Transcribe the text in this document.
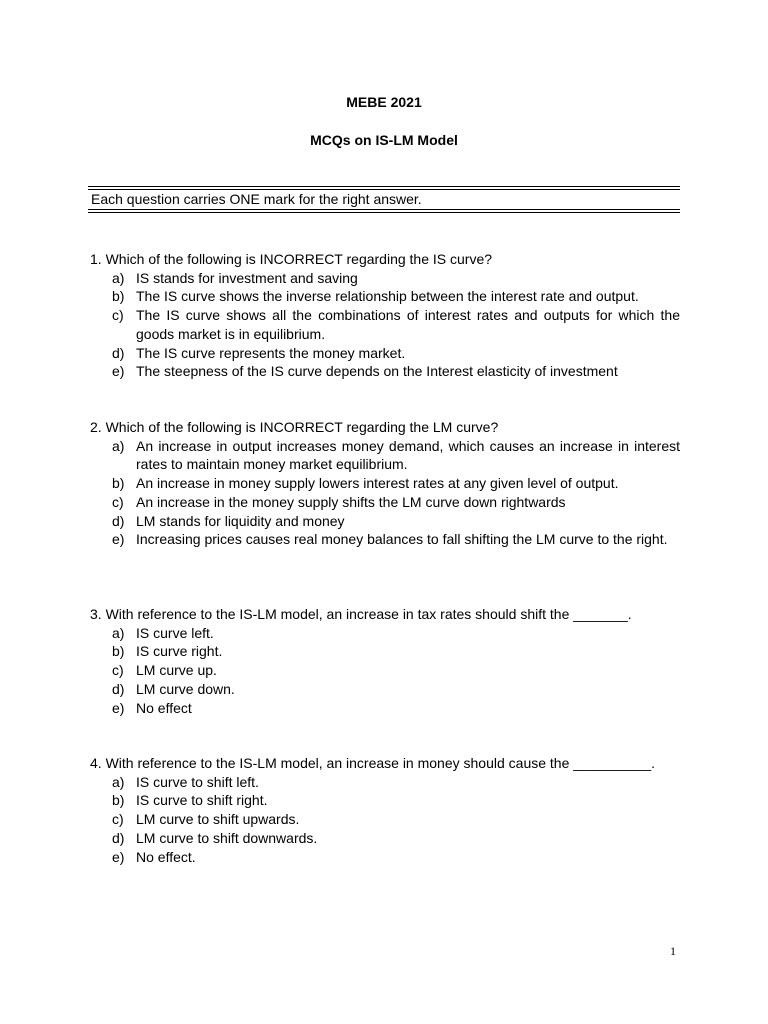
MEBE 2021
MCQs on IS-LM Model
Each question carries ONE mark for the right answer.

1. Which of the following is INCORRECT regarding the IS curve?

a) IS stands for investment and saving
b) The IS curve shows the inverse relationship between the interest rate and output.
c) The IS curve shows all the combinations of interest rates and outputs for which the goods market is in equilibrium.
d) The IS curve represents the money market.
e) The steepness of the IS curve depends on the Interest elasticity of investment

2. Which of the following is INCORRECT regarding the LM curve?

a) An increase in output increases money demand, which causes an increase in interest rates to maintain money market equilibrium.
b) An increase in money supply lowers interest rates at any given level of output.
c) An increase in the money supply shifts the LM curve down rightwards
d) LM stands for liquidity and money
e) Increasing prices causes real money balances to fall shifting the LM curve to the right.

3. With reference to the IS-LM model, an increase in tax rates should shift the _______.

a) IS curve left.
b) IS curve right.
c) LM curve up.
d) LM curve down.
e) No effect

4. With reference to the IS-LM model, an increase in money should cause the __________.

a) IS curve to shift left.
b) IS curve to shift right.
c) LM curve to shift upwards.
d) LM curve to shift downwards.
e) No effect.
1
